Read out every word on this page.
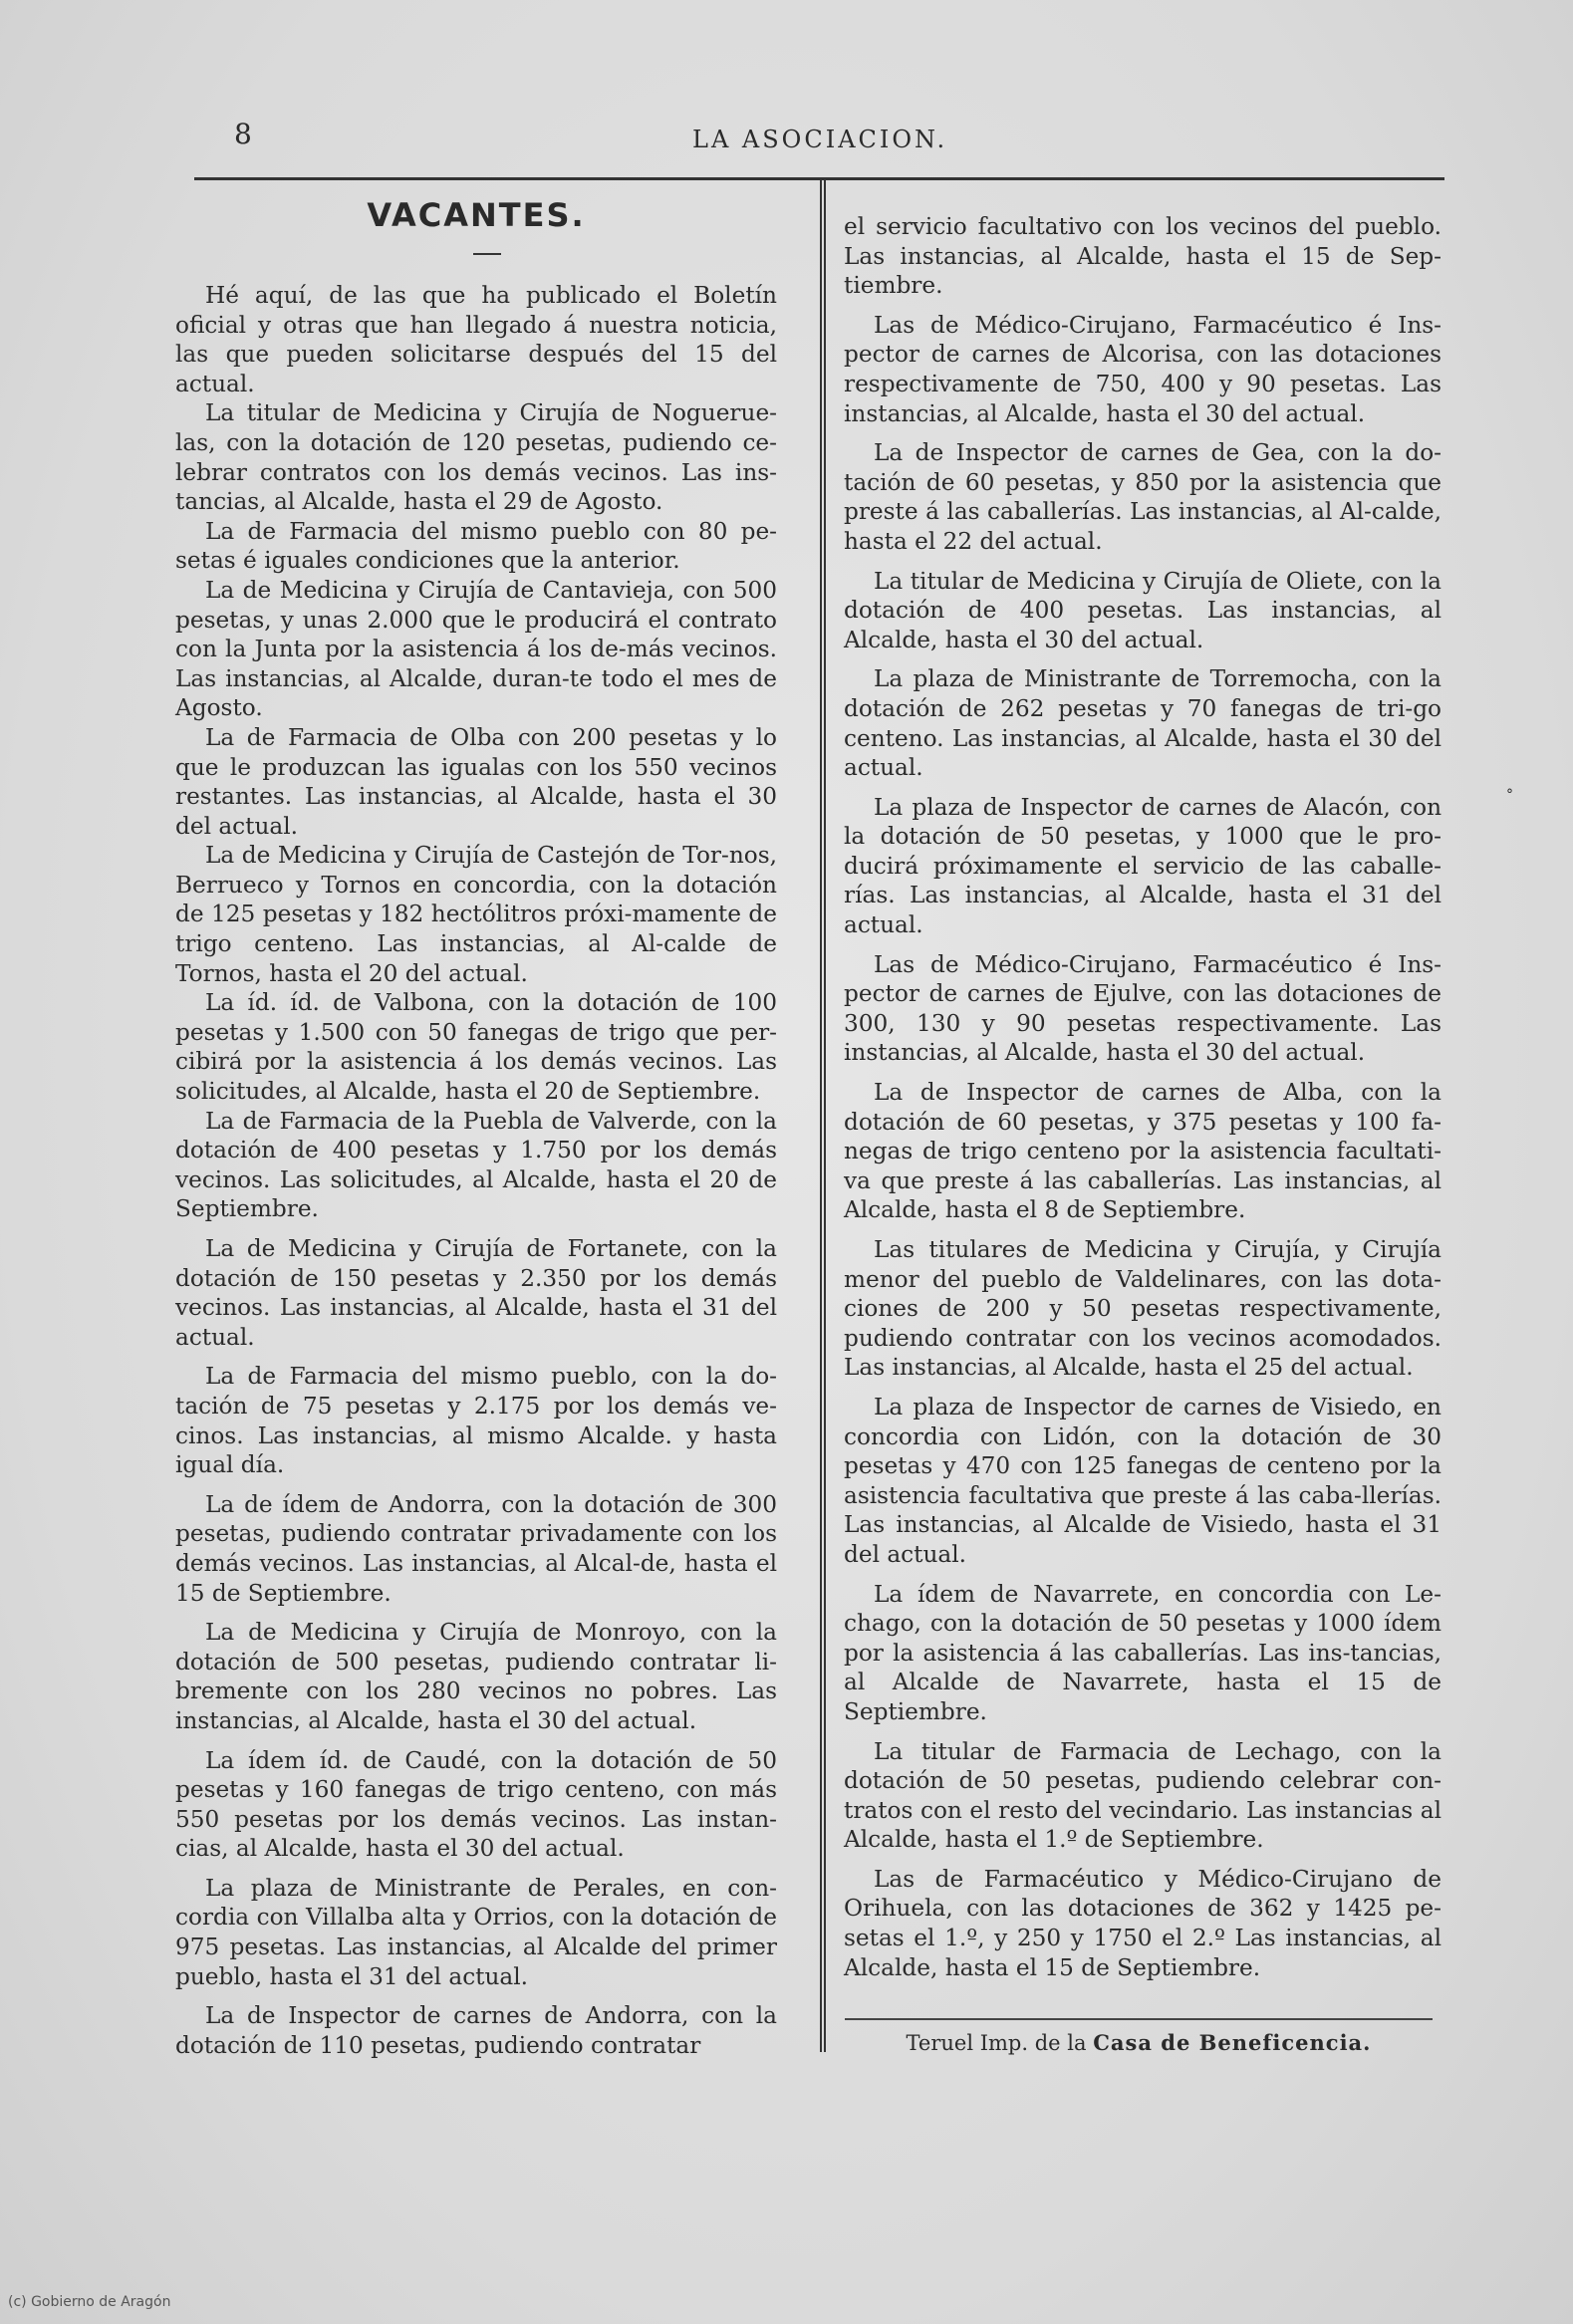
8	LA ASOCIACION.
VACANTES.

Hé aquí, de las que ha publicado el Boletín oficial y otras que han llegado á nuestra noticia, las que pueden solicitarse después del 15 del actual.

La titular de Medicina y Cirujía de Noguerue-las, con la dotación de 120 pesetas, pudiendo ce-lebrar contratos con los demás vecinos. Las ins-tancias, al Alcalde, hasta el 29 de Agosto.

La de Farmacia del mismo pueblo con 80 pe-setas é iguales condiciones que la anterior.

La de Medicina y Cirujía de Cantavieja, con 500 pesetas, y unas 2.000 que le producirá el contrato con la Junta por la asistencia á los de-más vecinos. Las instancias, al Alcalde, duran-te todo el mes de Agosto.

La de Farmacia de Olba con 200 pesetas y lo que le produzcan las igualas con los 550 vecinos restantes. Las instancias, al Alcalde, hasta el 30 del actual.

La de Medicina y Cirujía de Castejón de Tor-nos, Berrueco y Tornos en concordia, con la dotación de 125 pesetas y 182 hectólitros próxi-mamente de trigo centeno. Las instancias, al Al-calde de Tornos, hasta el 20 del actual.

La íd. íd. de Valbona, con la dotación de 100 pesetas y 1.500 con 50 fanegas de trigo que per-cibirá por la asistencia á los demás vecinos. Las solicitudes, al Alcalde, hasta el 20 de Septiembre.

La de Farmacia de la Puebla de Valverde, con la dotación de 400 pesetas y 1.750 por los demás vecinos. Las solicitudes, al Alcalde, hasta el 20 de Septiembre.

La de Medicina y Cirujía de Fortanete, con la dotación de 150 pesetas y 2.350 por los demás vecinos. Las instancias, al Alcalde, hasta el 31 del actual.

La de Farmacia del mismo pueblo, con la do-tación de 75 pesetas y 2.175 por los demás ve-cinos. Las instancias, al mismo Alcalde. y hasta igual día.

La de ídem de Andorra, con la dotación de 300 pesetas, pudiendo contratar privadamente con los demás vecinos. Las instancias, al Alcal-de, hasta el 15 de Septiembre.

La de Medicina y Cirujía de Monroyo, con la dotación de 500 pesetas, pudiendo contratar li-bremente con los 280 vecinos no pobres. Las instancias, al Alcalde, hasta el 30 del actual.

La ídem íd. de Caudé, con la dotación de 50 pesetas y 160 fanegas de trigo centeno, con más 550 pesetas por los demás vecinos. Las instan-cias, al Alcalde, hasta el 30 del actual.

La plaza de Ministrante de Perales, en con-cordia con Villalba alta y Orrios, con la dotación de 975 pesetas. Las instancias, al Alcalde del primer pueblo, hasta el 31 del actual.

La de Inspector de carnes de Andorra, con la dotación de 110 pesetas, pudiendo contratar

el servicio facultativo con los vecinos del pueblo. Las instancias, al Alcalde, hasta el 15 de Sep-tiembre.

Las de Médico-Cirujano, Farmacéutico é Ins-pector de carnes de Alcorisa, con las dotaciones respectivamente de 750, 400 y 90 pesetas. Las instancias, al Alcalde, hasta el 30 del actual.

La de Inspector de carnes de Gea, con la do-tación de 60 pesetas, y 850 por la asistencia que preste á las caballerías. Las instancias, al Al-calde, hasta el 22 del actual.

La titular de Medicina y Cirujía de Oliete, con la dotación de 400 pesetas. Las instancias, al Alcalde, hasta el 30 del actual.

La plaza de Ministrante de Torremocha, con la dotación de 262 pesetas y 70 fanegas de tri-go centeno. Las instancias, al Alcalde, hasta el 30 del actual.

La plaza de Inspector de carnes de Alacón, con la dotación de 50 pesetas, y 1000 que le pro-ducirá próximamente el servicio de las caballe-rías. Las instancias, al Alcalde, hasta el 31 del actual.

Las de Médico-Cirujano, Farmacéutico é Ins-pector de carnes de Ejulve, con las dotaciones de 300, 130 y 90 pesetas respectivamente. Las instancias, al Alcalde, hasta el 30 del actual.

La de Inspector de carnes de Alba, con la dotación de 60 pesetas, y 375 pesetas y 100 fa-negas de trigo centeno por la asistencia facultati-va que preste á las caballerías. Las instancias, al Alcalde, hasta el 8 de Septiembre.

Las titulares de Medicina y Cirujía, y Cirujía menor del pueblo de Valdelinares, con las dota-ciones de 200 y 50 pesetas respectivamente, pudiendo contratar con los vecinos acomodados. Las instancias, al Alcalde, hasta el 25 del actual.

La plaza de Inspector de carnes de Visiedo, en concordia con Lidón, con la dotación de 30 pesetas y 470 con 125 fanegas de centeno por la asistencia facultativa que preste á las caba-llerías. Las instancias, al Alcalde de Visiedo, hasta el 31 del actual.

La ídem de Navarrete, en concordia con Le-chago, con la dotación de 50 pesetas y 1000 ídem por la asistencia á las caballerías. Las ins-tancias, al Alcalde de Navarrete, hasta el 15 de Septiembre.

La titular de Farmacia de Lechago, con la dotación de 50 pesetas, pudiendo celebrar con-tratos con el resto del vecindario. Las instancias al Alcalde, hasta el 1.º de Septiembre.

Las de Farmacéutico y Médico-Cirujano de Orihuela, con las dotaciones de 362 y 1425 pe-setas el 1.º, y 250 y 1750 el 2.º Las instancias, al Alcalde, hasta el 15 de Septiembre.

Teruel Imp. de la Casa de Beneficencia.
°
(c) Gobierno de Aragón
